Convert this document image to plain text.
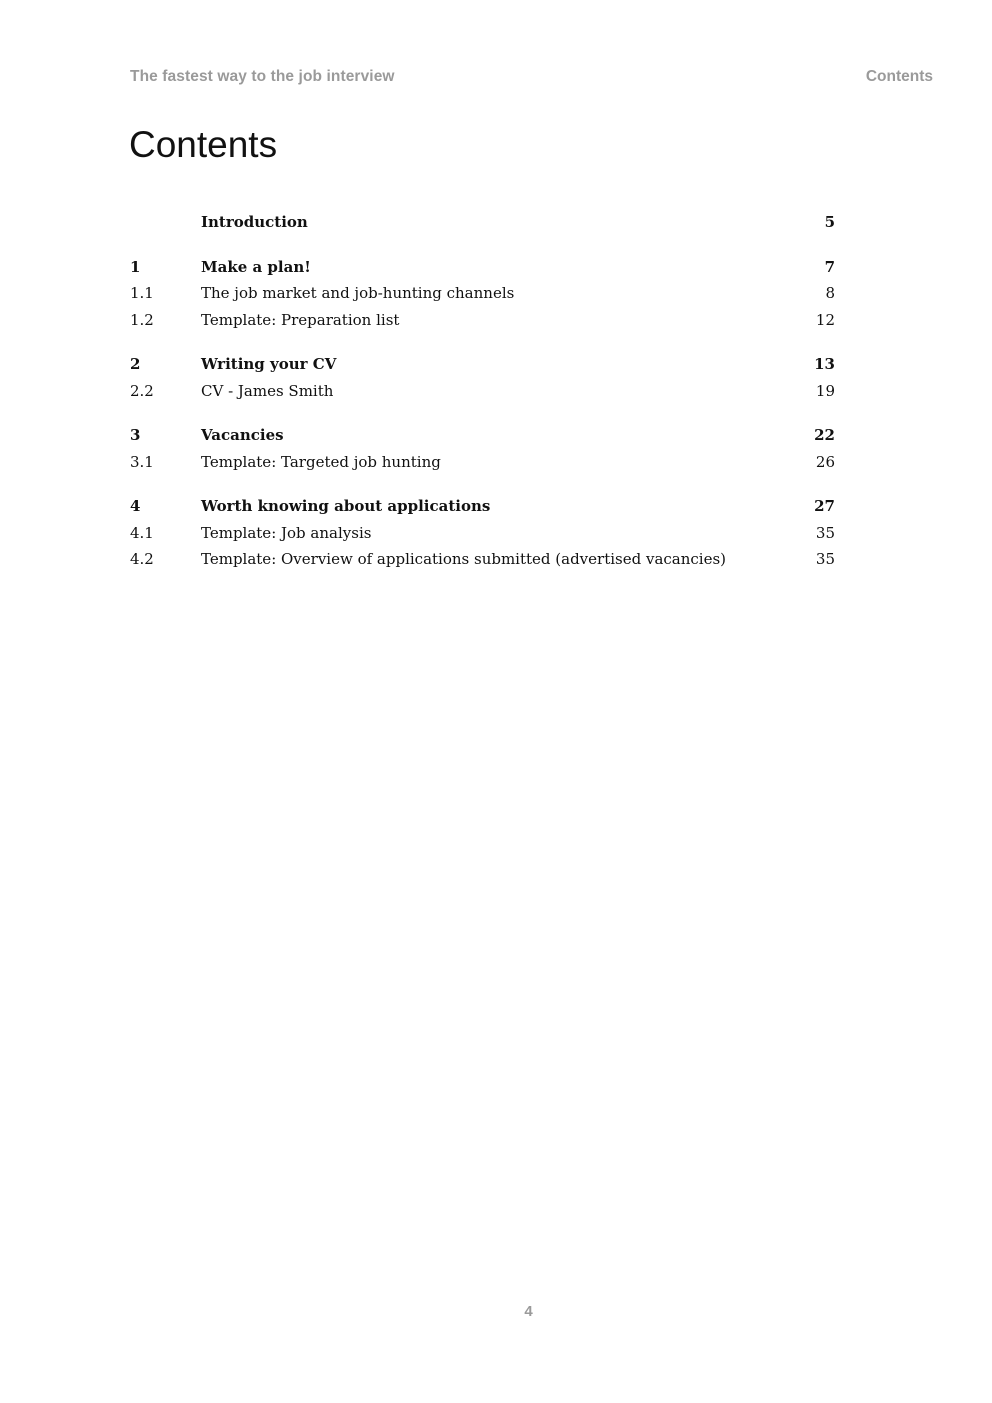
The fastest way to the job interview	Contents
Contents
Introduction	5
1	Make a plan!	7
1.1	The job market and job-hunting channels	8
1.2	Template: Preparation list	12
2	Writing your CV	13
2.2	CV - James Smith	19
3	Vacancies	22
3.1	Template: Targeted job hunting	26
4	Worth knowing about applications	27
4.1	Template: Job analysis	35
4.2	Template: Overview of applications submitted (advertised vacancies)	35
4
